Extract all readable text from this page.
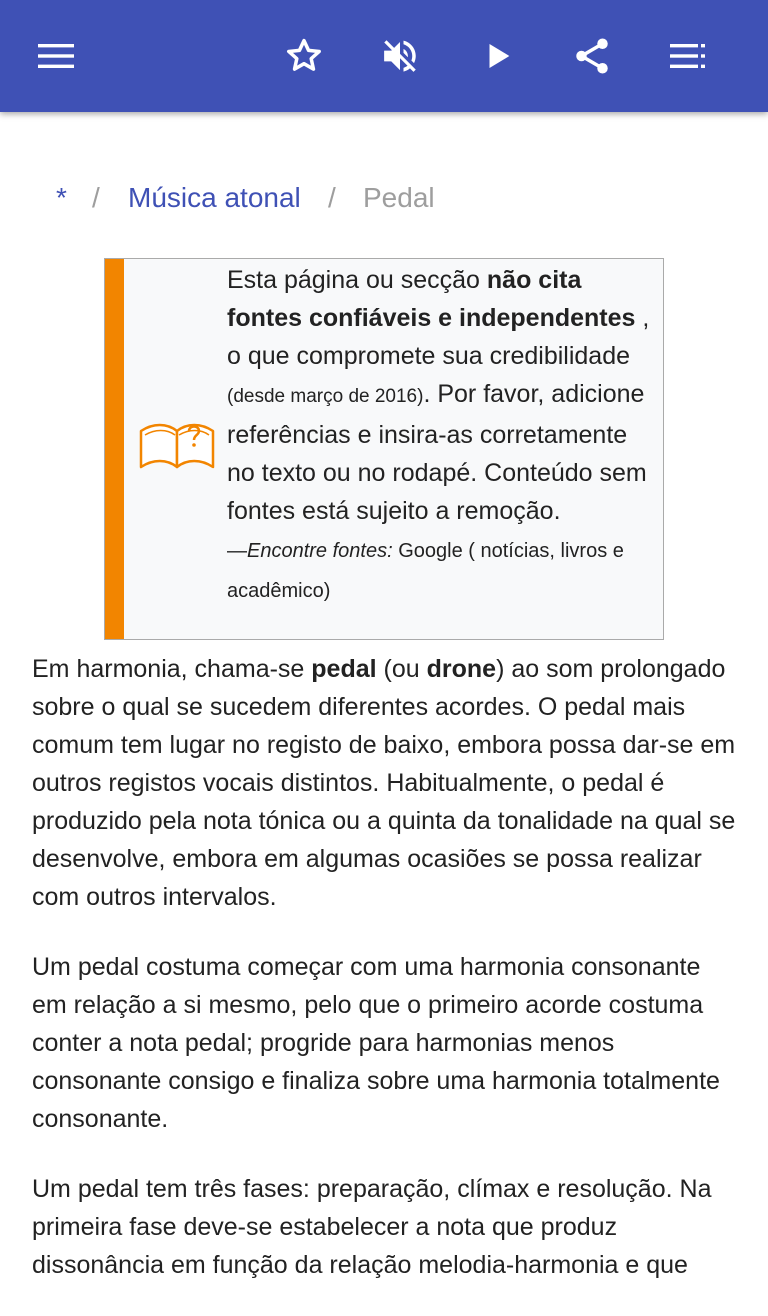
* / Música atonal / Pedal
Esta página ou secção não cita fontes confiáveis e independentes , o que compromete sua credibilidade (desde março de 2016). Por favor, adicione referências e insira-as corretamente no texto ou no rodapé. Conteúdo sem fontes está sujeito a remoção.
—Encontre fontes: Google ( notícias, livros e acadêmico)

Em harmonia, chama-se pedal (ou drone) ao som prolongado sobre o qual se sucedem diferentes acordes. O pedal mais comum tem lugar no registo de baixo, embora possa dar-se em outros registos vocais distintos. Habitualmente, o pedal é produzido pela nota tónica ou a quinta da tonalidade na qual se desenvolve, embora em algumas ocasiões se possa realizar com outros intervalos.

Um pedal costuma começar com uma harmonia consonante em relação a si mesmo, pelo que o primeiro acorde costuma conter a nota pedal; progride para harmonias menos consonante consigo e finaliza sobre uma harmonia totalmente consonante.

Um pedal tem três fases: preparação, clímax e resolução. Na primeira fase deve-se estabelecer a nota que produz dissonância em função da relação melodia-harmonia e que
